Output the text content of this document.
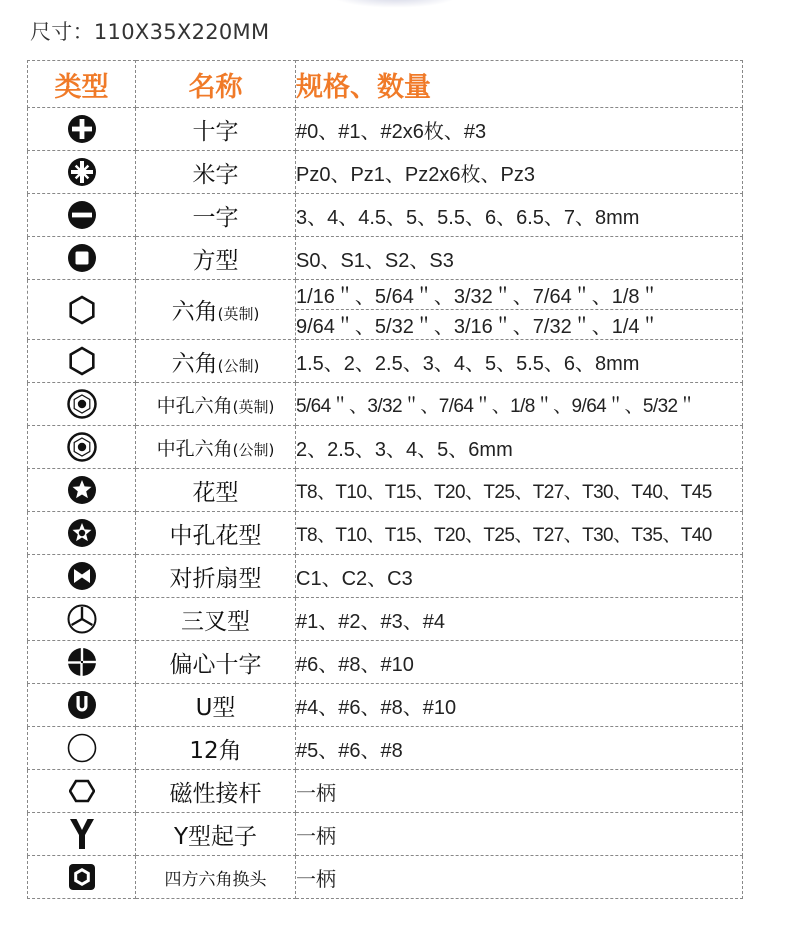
尺寸：110X35X220MM
类型	名称	规格、数量
	十字	#0、#1、#2x6枚、#3
	米字	Pz0、Pz1、Pz2x6枚、Pz3
	一字	3、4、4.5、5、5.5、6、6.5、7、8mm
	方型	S0、S1、S2、S3
	六角(英制)	1/16＂、5/64＂、3/32＂、7/64＂、1/8＂
		9/64＂、5/32＂、3/16＂、7/32＂、1/4＂
	六角(公制)	1.5、2、2.5、3、4、5、5.5、6、8mm
	中孔六角(英制)	5/64＂、3/32＂、7/64＂、1/8＂、9/64＂、5/32＂
	中孔六角(公制)	2、2.5、3、4、5、6mm
	花型	T8、T10、T15、T20、T25、T27、T30、T40、T45
	中孔花型	T8、T10、T15、T20、T25、T27、T30、T35、T40
	对折扇型	C1、C2、C3
	三叉型	#1、#2、#3、#4
	偏心十字	#6、#8、#10
	U型	#4、#6、#8、#10
	12角	#5、#6、#8
	磁性接杆	一柄
	Y型起子	一柄
	四方六角换头	一柄
